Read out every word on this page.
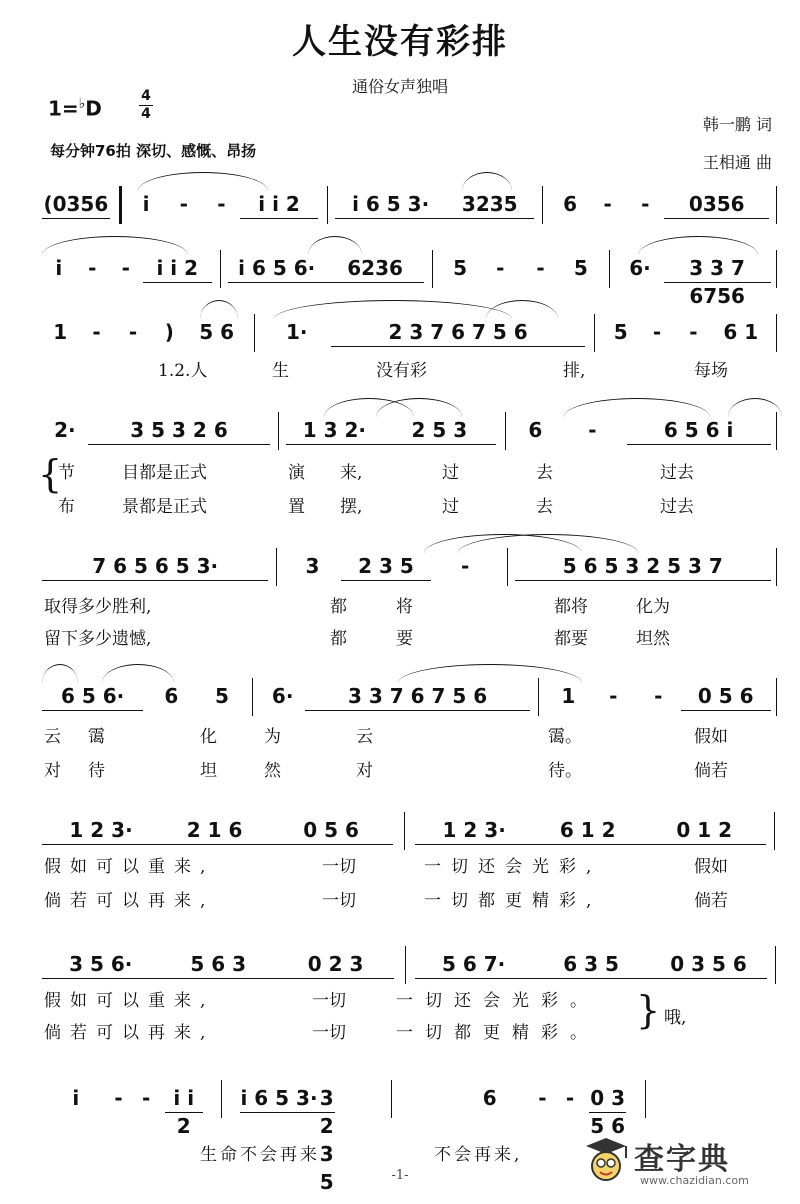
人生没有彩排
通俗女声独唱
1=♭D
4
4
每分钟76拍 深切、感慨、昂扬
韩一鹏 词
王相通 曲
(0356	i	-	-	i i 2	i 6 5 3·	3235	6	-	-	0356
i	-	-	i i 2	i 6 5 6·	6236	5	-	-	5	6·	3 3 7 6756
1	-	-	)	5 6	1·	2 3 7 6 7 5 6	5	-	-	6 1
2·	3 5 3 2 6	1 3 2·	2 5 3	6	-	6 5 6 i
7 6 5 6 5 3·	3	2 3 5	-	5 6 5 3 2 5 3 7
6 5 6·	6	5	6·	3 3 7 6 7 5 6	1	-	-	0 5 6
1 2 3·	2 1 6	0 5 6	1 2 3·	6 1 2	0 1 2
3 5 6·	5 6 3	0 2 3	5 6 7·	6 3 5	0 3 5 6
i	- -	i i 2
i 6 5 3· 3 2 3 5
6	- - 0 3 5 6
1.2.人	生	没有彩	排,	每场
{
节	目都是正式	演 来,	过	去	过去
布	景都是正式	置 摆,	过	去	过去
取得多少胜利,	都	将	都将	化为
留下多少遗憾,	都	要	都要	坦然
云 霭	化	为	云	霭。	假如
对 待	坦	然	对	待。	倘若
假如可以重来,	一切	一切还会光彩,	假如
倘若可以再来,	一切	一切都更精彩,	倘若
假如可以重来,	一切	一切还会光彩。
倘若可以再来,	一切	一切都更精彩。
} 哦,
生命不会再来	不会再来,
-1-	查字典
www.chazidian.com
